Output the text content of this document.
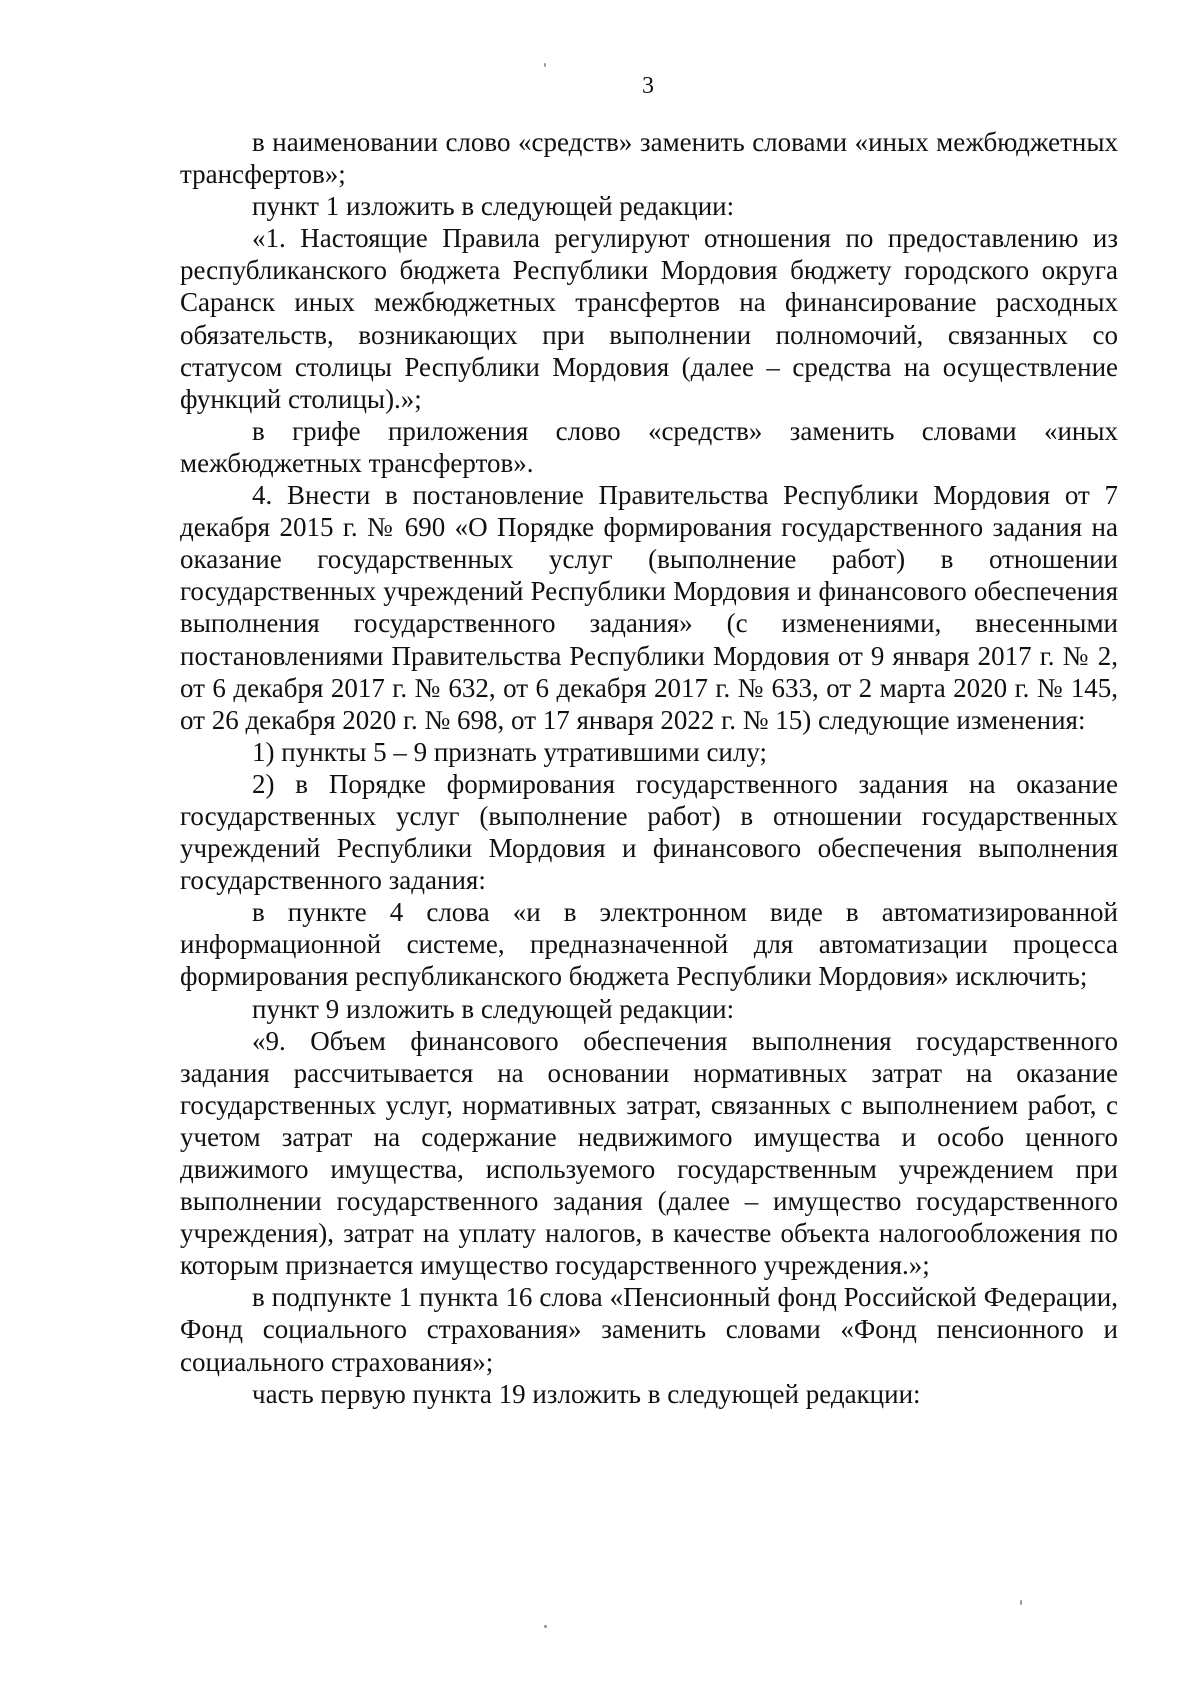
3

в наименовании слово «средств» заменить словами «иных межбюджетных трансфертов»;

пункт 1 изложить в следующей редакции:

«1. Настоящие Правила регулируют отношения по предоставлению из республиканского бюджета Республики Мордовия бюджету городского округа Саранск иных межбюджетных трансфертов на финансирование расходных обязательств, возникающих при выполнении полномочий, связанных со статусом столицы Республики Мордовия (далее – средства на осуществление функций столицы).»;

в грифе приложения слово «средств» заменить словами «иных межбюджетных трансфертов».

4. Внести в постановление Правительства Республики Мордовия от 7 декабря 2015 г. № 690 «О Порядке формирования государственного задания на оказание государственных услуг (выполнение работ) в отношении государственных учреждений Республики Мордовия и финансового обеспечения выполнения государственного задания» (с изменениями, внесенными постановлениями Правительства Республики Мордовия от 9 января 2017 г. № 2, от 6 декабря 2017 г. № 632, от 6 декабря 2017 г. № 633, от 2 марта 2020 г. № 145, от 26 декабря 2020 г. № 698, от 17 января 2022 г. № 15) следующие изменения:

1) пункты 5 – 9 признать утратившими силу;

2) в Порядке формирования государственного задания на оказание государственных услуг (выполнение работ) в отношении государственных учреждений Республики Мордовия и финансового обеспечения выполнения государственного задания:

в пункте 4 слова «и в электронном виде в автоматизированной информационной системе, предназначенной для автоматизации процесса формирования республиканского бюджета Республики Мордовия» исключить;

пункт 9 изложить в следующей редакции:

«9. Объем финансового обеспечения выполнения государственного задания рассчитывается на основании нормативных затрат на оказание государственных услуг, нормативных затрат, связанных с выполнением работ, с учетом затрат на содержание недвижимого имущества и особо ценного движимого имущества, используемого государственным учреждением при выполнении государственного задания (далее – имущество государственного учреждения), затрат на уплату налогов, в качестве объекта налогообложения по которым признается имущество государственного учреждения.»;

в подпункте 1 пункта 16 слова «Пенсионный фонд Российской Федерации, Фонд социального страхования» заменить словами «Фонд пенсионного и социального страхования»;

часть первую пункта 19 изложить в следующей редакции:
